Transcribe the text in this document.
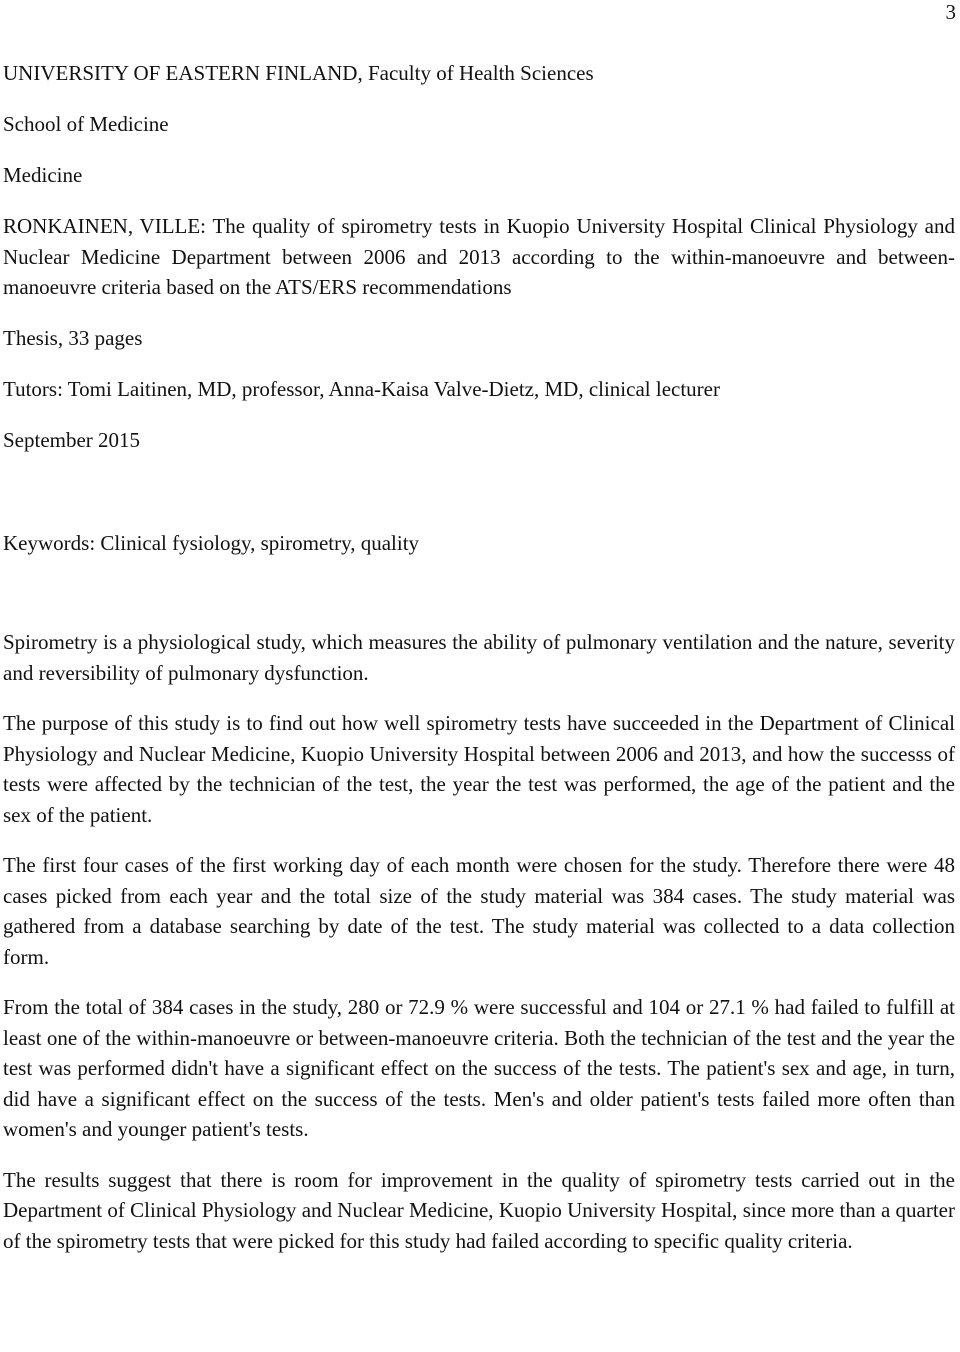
3

UNIVERSITY OF EASTERN FINLAND, Faculty of Health Sciences

School of Medicine

Medicine

RONKAINEN, VILLE: The quality of spirometry tests in Kuopio University Hospital Clinical Physiology and Nuclear Medicine Department between 2006 and 2013 according to the within-manoeuvre and between-manoeuvre criteria based on the ATS/ERS recommendations

Thesis, 33 pages

Tutors: Tomi Laitinen, MD, professor, Anna-Kaisa Valve-Dietz, MD, clinical lecturer

September 2015

Keywords: Clinical fysiology, spirometry, quality

Spirometry is a physiological study, which measures the ability of pulmonary ventilation and the nature, severity and reversibility of pulmonary dysfunction.

The purpose of this study is to find out how well spirometry tests have succeeded in the Department of Clinical Physiology and Nuclear Medicine, Kuopio University Hospital between 2006 and 2013, and how the successs of tests were affected by the technician of the test, the year the test was performed, the age of the patient and the sex of the patient.

The first four cases of the first working day of each month were chosen for the study. Therefore there were 48 cases picked from each year and the total size of the study material was 384 cases. The study material was gathered from a database searching by date of the test. The study material was collected to a data collection form.

From the total of 384 cases in the study, 280 or 72.9 % were successful and 104 or 27.1 % had failed to fulfill at least one of the within-manoeuvre or between-manoeuvre criteria. Both the technician of the test and the year the test was performed didn't have a significant effect on the success of the tests. The patient's sex and age, in turn, did have a significant effect on the success of the tests. Men's and older patient's tests failed more often than women's and younger patient's tests.

The results suggest that there is room for improvement in the quality of spirometry tests carried out in the Department of Clinical Physiology and Nuclear Medicine, Kuopio University Hospital, since more than a quarter of the spirometry tests that were picked for this study had failed according to specific quality criteria.
